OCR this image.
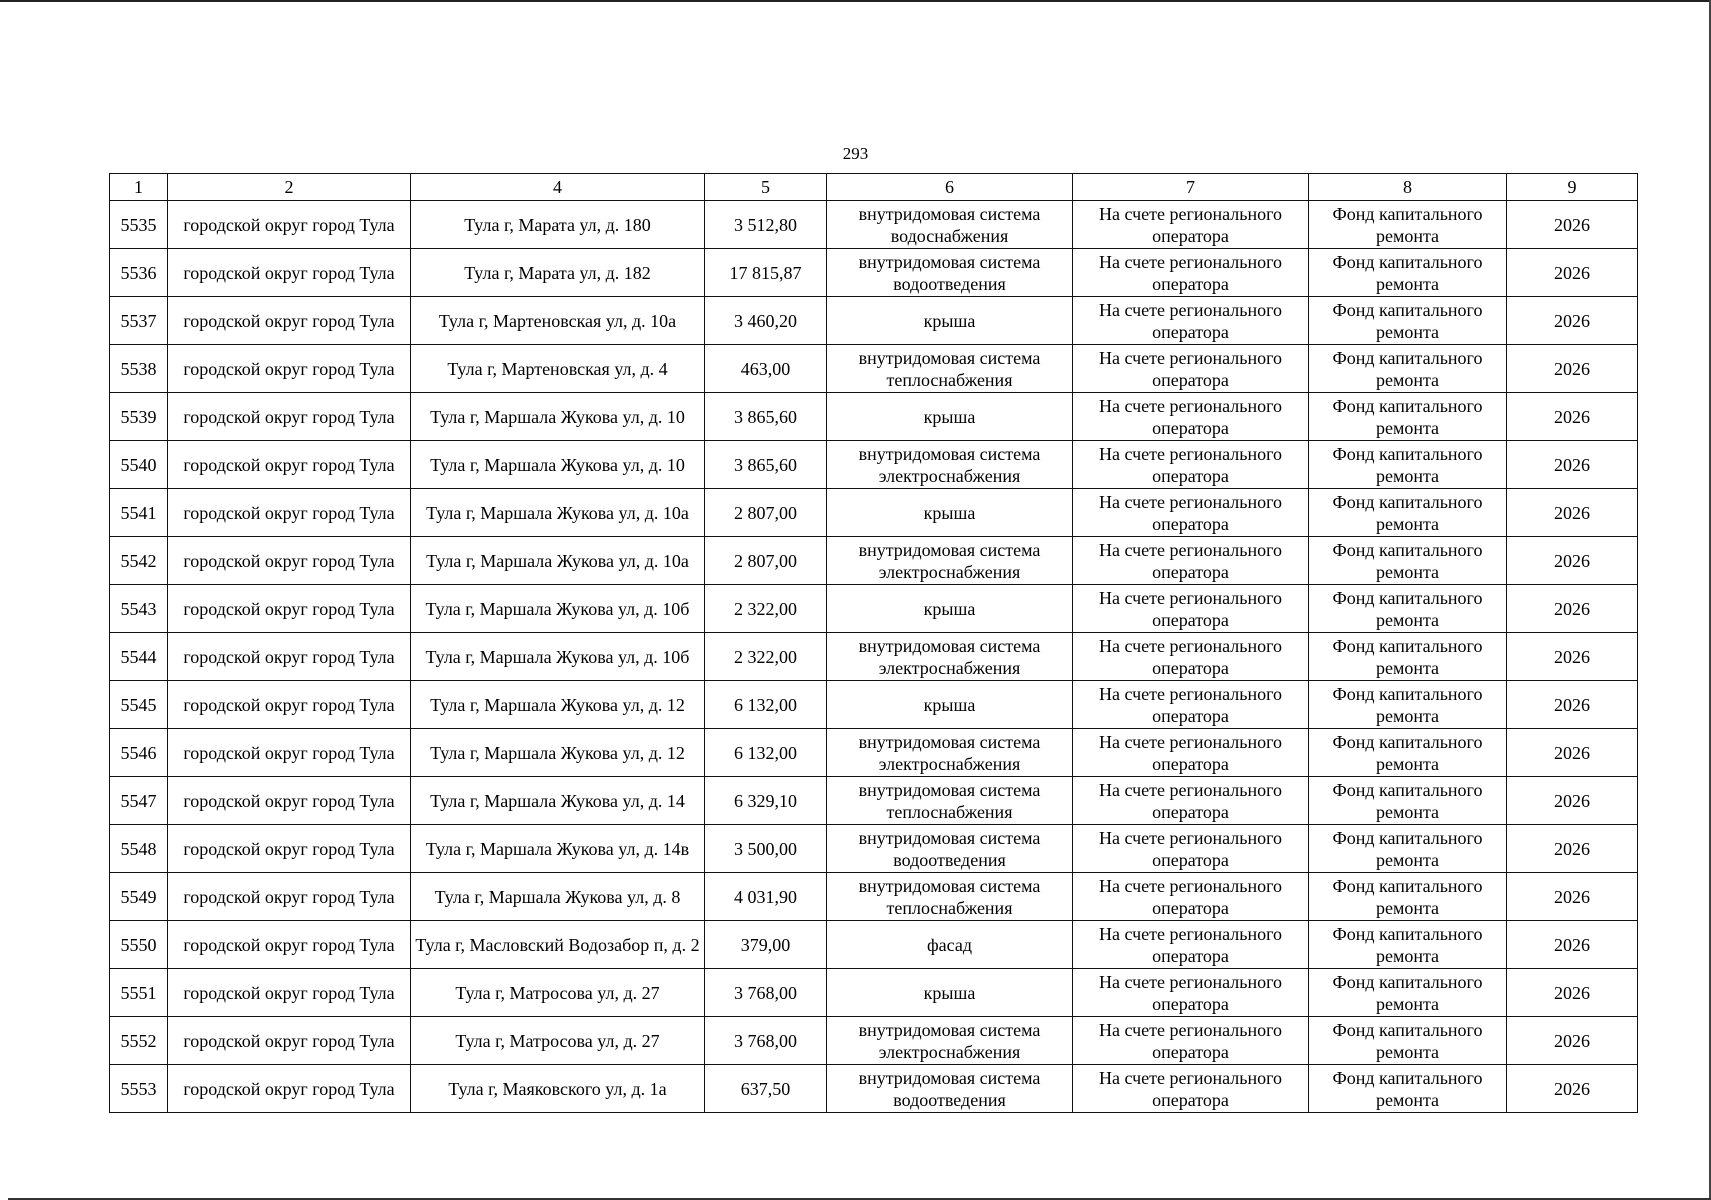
293
1	2	4	5	6	7	8	9
5535	городской округ город Тула	Тула г, Марата ул, д. 180	3 512,80	внутридомовая система водоснабжения	На счете регионального оператора	Фонд капитального ремонта	2026
5536	городской округ город Тула	Тула г, Марата ул, д. 182	17 815,87	внутридомовая система водоотведения	На счете регионального оператора	Фонд капитального ремонта	2026
5537	городской округ город Тула	Тула г, Мартеновская ул, д. 10а	3 460,20	крыша	На счете регионального оператора	Фонд капитального ремонта	2026
5538	городской округ город Тула	Тула г, Мартеновская ул, д. 4	463,00	внутридомовая система теплоснабжения	На счете регионального оператора	Фонд капитального ремонта	2026
5539	городской округ город Тула	Тула г, Маршала Жукова ул, д. 10	3 865,60	крыша	На счете регионального оператора	Фонд капитального ремонта	2026
5540	городской округ город Тула	Тула г, Маршала Жукова ул, д. 10	3 865,60	внутридомовая система электроснабжения	На счете регионального оператора	Фонд капитального ремонта	2026
5541	городской округ город Тула	Тула г, Маршала Жукова ул, д. 10а	2 807,00	крыша	На счете регионального оператора	Фонд капитального ремонта	2026
5542	городской округ город Тула	Тула г, Маршала Жукова ул, д. 10а	2 807,00	внутридомовая система электроснабжения	На счете регионального оператора	Фонд капитального ремонта	2026
5543	городской округ город Тула	Тула г, Маршала Жукова ул, д. 10б	2 322,00	крыша	На счете регионального оператора	Фонд капитального ремонта	2026
5544	городской округ город Тула	Тула г, Маршала Жукова ул, д. 10б	2 322,00	внутридомовая система электроснабжения	На счете регионального оператора	Фонд капитального ремонта	2026
5545	городской округ город Тула	Тула г, Маршала Жукова ул, д. 12	6 132,00	крыша	На счете регионального оператора	Фонд капитального ремонта	2026
5546	городской округ город Тула	Тула г, Маршала Жукова ул, д. 12	6 132,00	внутридомовая система электроснабжения	На счете регионального оператора	Фонд капитального ремонта	2026
5547	городской округ город Тула	Тула г, Маршала Жукова ул, д. 14	6 329,10	внутридомовая система теплоснабжения	На счете регионального оператора	Фонд капитального ремонта	2026
5548	городской округ город Тула	Тула г, Маршала Жукова ул, д. 14в	3 500,00	внутридомовая система водоотведения	На счете регионального оператора	Фонд капитального ремонта	2026
5549	городской округ город Тула	Тула г, Маршала Жукова ул, д. 8	4 031,90	внутридомовая система теплоснабжения	На счете регионального оператора	Фонд капитального ремонта	2026
5550	городской округ город Тула	Тула г, Масловский Водозабор п, д. 2	379,00	фасад	На счете регионального оператора	Фонд капитального ремонта	2026
5551	городской округ город Тула	Тула г, Матросова ул, д. 27	3 768,00	крыша	На счете регионального оператора	Фонд капитального ремонта	2026
5552	городской округ город Тула	Тула г, Матросова ул, д. 27	3 768,00	внутридомовая система электроснабжения	На счете регионального оператора	Фонд капитального ремонта	2026
5553	городской округ город Тула	Тула г, Маяковского ул, д. 1а	637,50	внутридомовая система водоотведения	На счете регионального оператора	Фонд капитального ремонта	2026
